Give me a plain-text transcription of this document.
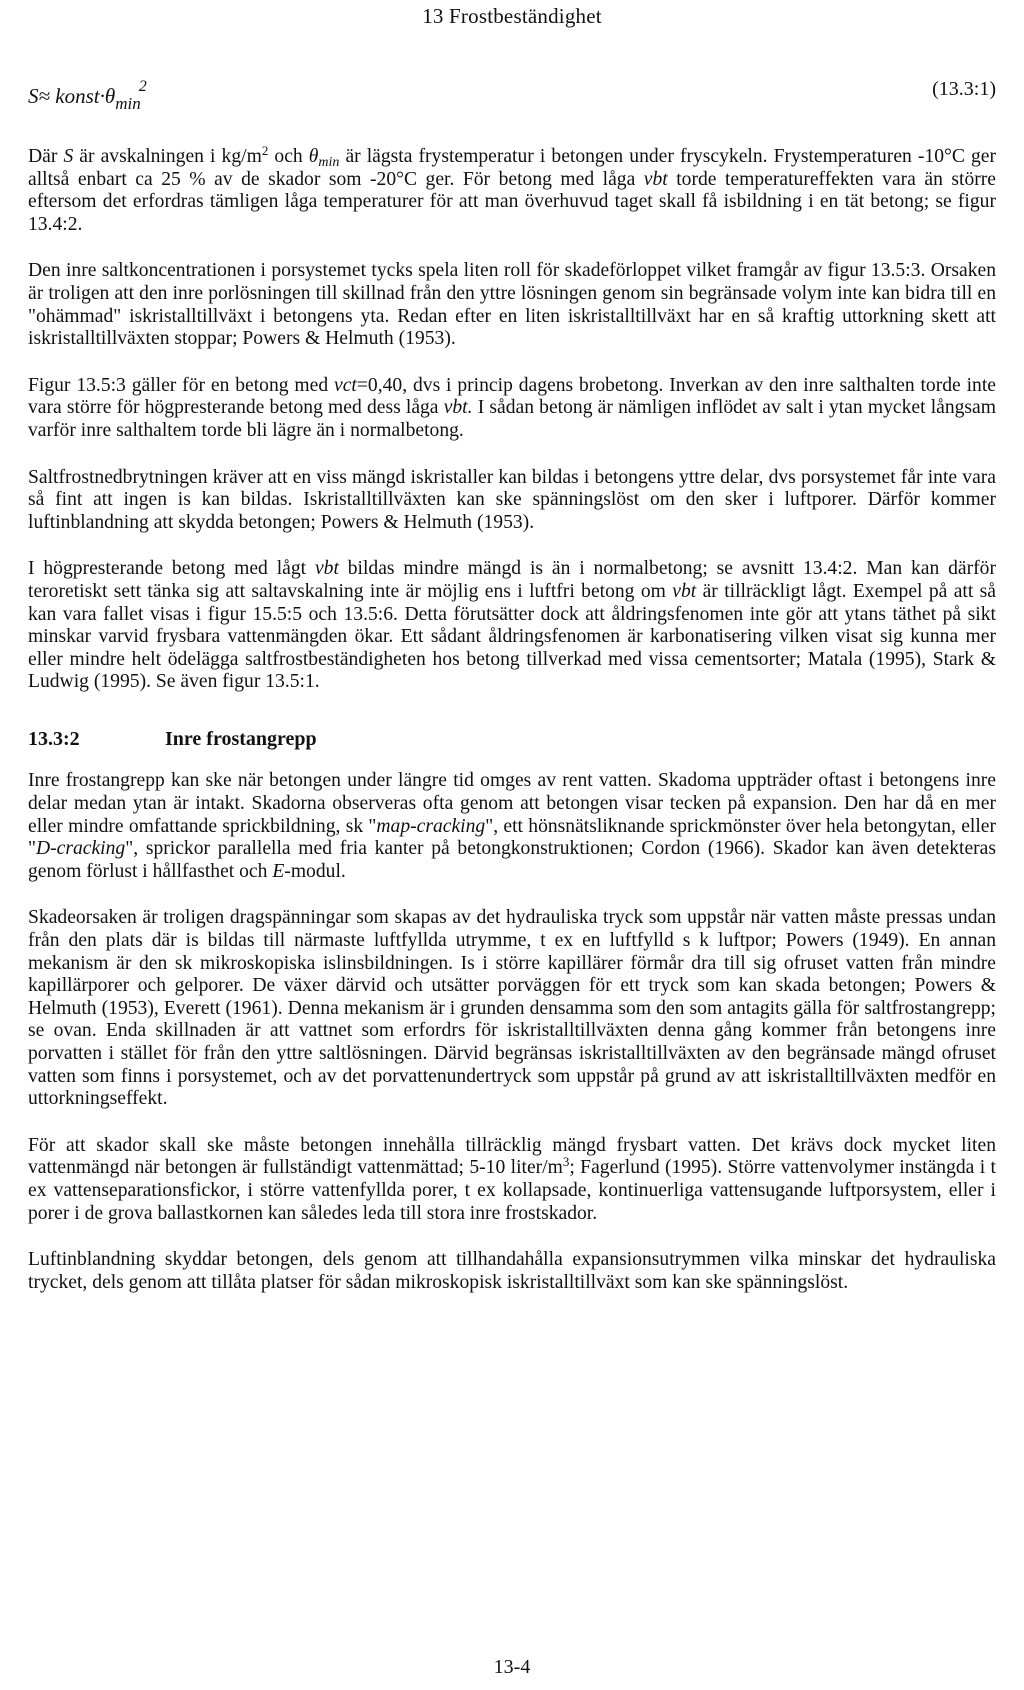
13 Frostbeständighet
$S\approx konst\cdot\theta_{min}^2$	(13.3:1)

Där S är avskalningen i $kg/m^2$ och $\theta_{min}$ är lägsta frystemperatur i betongen under fryscykeln. Frystemperaturen -10°C ger alltså enbart ca 25 % av de skador som -20°C ger. För betong med låga vbt torde temperatureffekten vara än större eftersom det erfordras tämligen låga temperaturer för att man överhuvud taget skall få isbildning i en tät betong; se figur 13.4:2.

Den inre saltkoncentrationen i porsystemet tycks spela liten roll för skadeförloppet vilket framgår av figur 13.5:3. Orsaken är troligen att den inre porlösningen till skillnad från den yttre lösningen genom sin begränsade volym inte kan bidra till en "ohämmad" iskristalltillväxt i betongens yta. Redan efter en liten iskristalltillväxt har en så kraftig uttorkning skett att iskristalltillväxten stoppar; Powers & Helmuth (1953).

Figur 13.5:3 gäller för en betong med vct=0,40, dvs i princip dagens brobetong. Inverkan av den inre salthalten torde inte vara större för högpresterande betong med dess låga vbt. I sådan betong är nämligen inflödet av salt i ytan mycket långsam varför inre salthaltem torde bli lägre än i normalbetong.

Saltfrostnedbrytningen kräver att en viss mängd iskristaller kan bildas i betongens yttre delar, dvs porsystemet får inte vara så fint att ingen is kan bildas. Iskristalltillväxten kan ske spänningslöst om den sker i luftporer. Därför kommer luftinblandning att skydda betongen; Powers & Helmuth (1953).

I högpresterande betong med lågt vbt bildas mindre mängd is än i normalbetong; se avsnitt 13.4:2. Man kan därför teroretiskt sett tänka sig att saltavskalning inte är möjlig ens i luftfri betong om vbt är tillräckligt lågt. Exempel på att så kan vara fallet visas i figur 15.5:5 och 13.5:6. Detta förutsätter dock att åldringsfenomen inte gör att ytans täthet på sikt minskar varvid frysbara vattenmängden ökar. Ett sådant åldringsfenomen är karbonatisering vilken visat sig kunna mer eller mindre helt ödelägga saltfrostbeständigheten hos betong tillverkad med vissa cementsorter; Matala (1995), Stark & Ludwig (1995). Se även figur 13.5:1.

13.3:2	Inre frostangrepp

Inre frostangrepp kan ske när betongen under längre tid omges av rent vatten. Skadoma uppträder oftast i betongens inre delar medan ytan är intakt. Skadorna observeras ofta genom att betongen visar tecken på expansion. Den har då en mer eller mindre omfattande sprickbildning, sk "map-cracking", ett hönsnätsliknande sprickmönster över hela betongytan, eller "D-cracking", sprickor parallella med fria kanter på betongkonstruktionen; Cordon (1966). Skador kan även detekteras genom förlust i hållfasthet och E-modul.

Skadeorsaken är troligen dragspänningar som skapas av det hydrauliska tryck som uppstår när vatten måste pressas undan från den plats där is bildas till närmaste luftfyllda utrymme, t ex en luftfylld s k luftpor; Powers (1949). En annan mekanism är den sk mikroskopiska islinsbildningen. Is i större kapillärer förmår dra till sig ofruset vatten från mindre kapillärporer och gelporer. De växer därvid och utsätter porväggen för ett tryck som kan skada betongen; Powers & Helmuth (1953), Everett (1961). Denna mekanism är i grunden densamma som den som antagits gälla för saltfrostangrepp; se ovan. Enda skillnaden är att vattnet som erfordrs för iskristalltillväxten denna gång kommer från betongens inre porvatten i stället för från den yttre saltlösningen. Därvid begränsas iskristalltillväxten av den begränsade mängd ofruset vatten som finns i porsystemet, och av det porvattenundertryck som uppstår på grund av att iskristalltillväxten medför en uttorkningseffekt.

För att skador skall ske måste betongen innehålla tillräcklig mängd frysbart vatten. Det krävs dock mycket liten vattenmängd när betongen är fullständigt vattenmättad; 5-10 liter/$m^3$; Fagerlund (1995). Större vattenvolymer instängda i t ex vattenseparationsfickor, i större vattenfyllda porer, t ex kollapsade, kontinuerliga vattensugande luftporsystem, eller i porer i de grova ballastkornen kan således leda till stora inre frostskador.

Luftinblandning skyddar betongen, dels genom att tillhandahålla expansionsutrymmen vilka minskar det hydrauliska trycket, dels genom att tillåta platser för sådan mikroskopisk iskristalltillväxt som kan ske spänningslöst.

13-4
